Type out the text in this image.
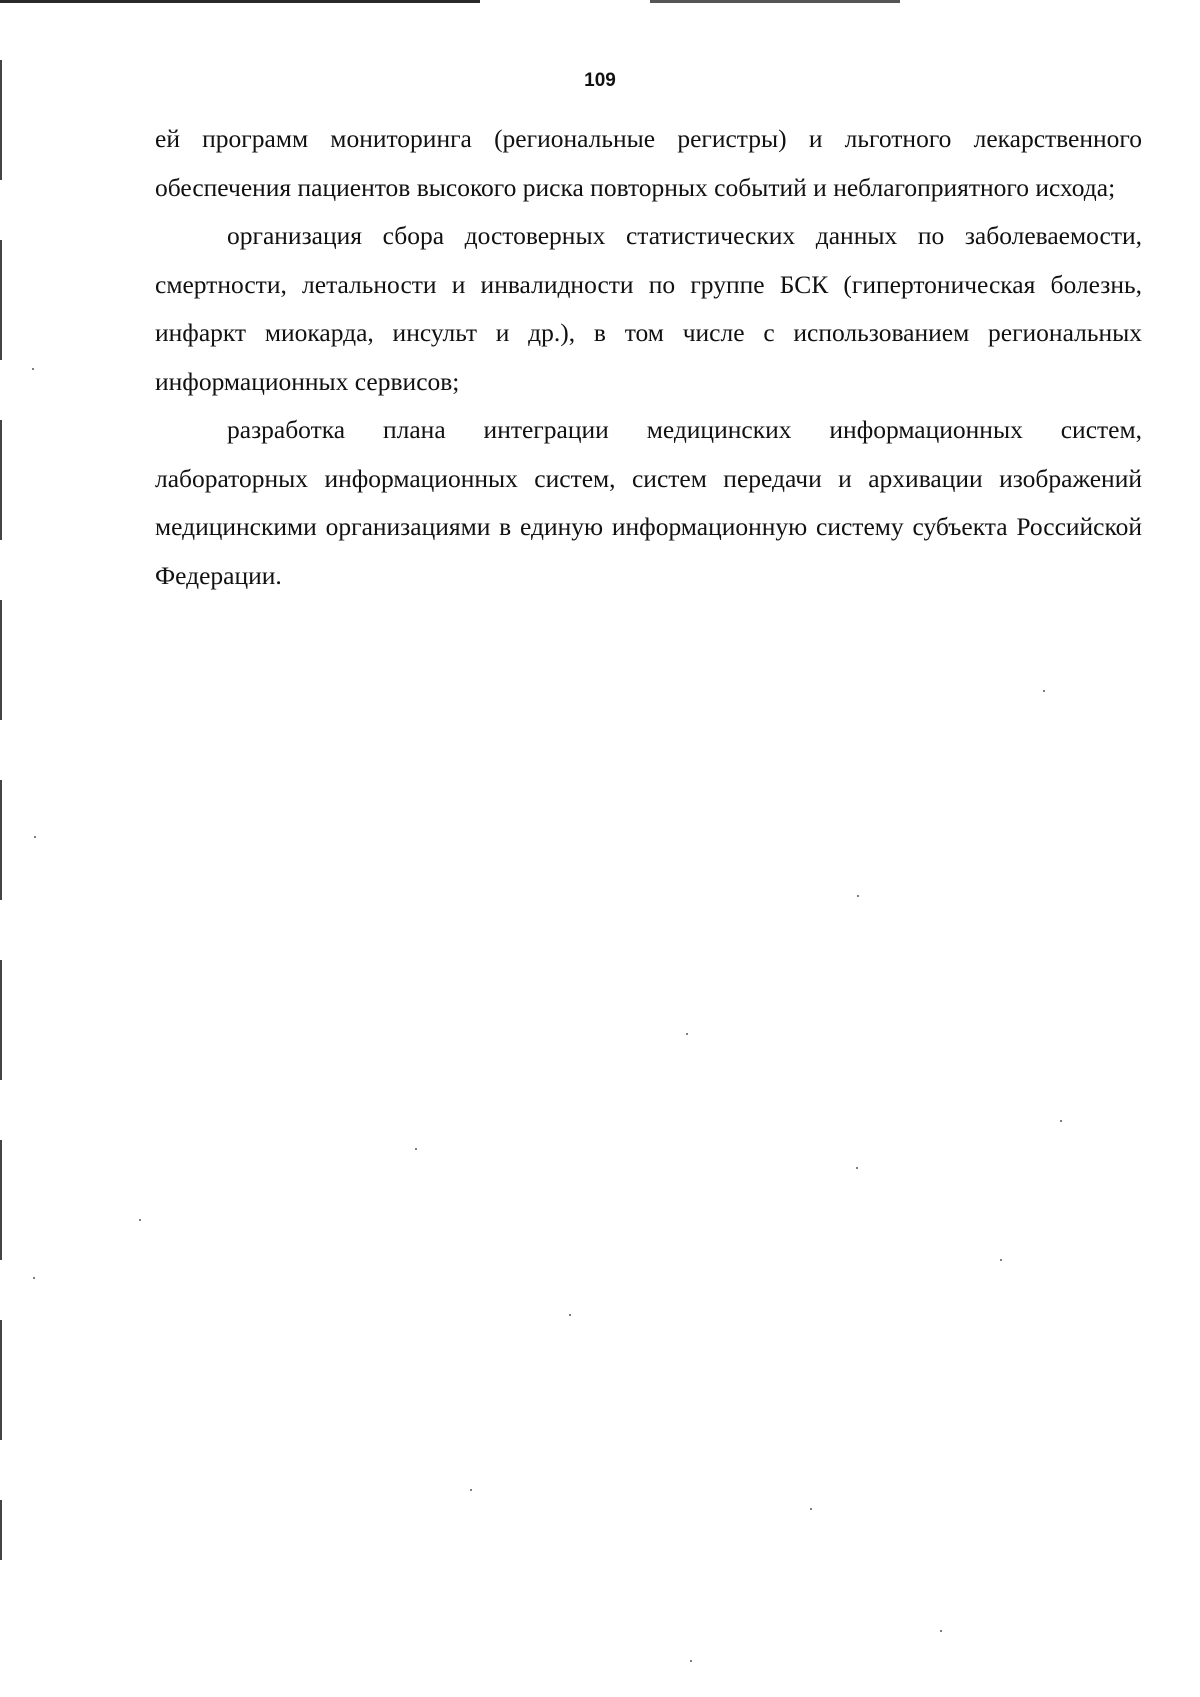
109

ей программ мониторинга (региональные регистры) и льготного лекарственного обеспечения пациентов высокого риска повторных событий и неблагоприятного исхода;

организация сбора достоверных статистических данных по заболеваемости, смертности, летальности и инвалидности по группе БСК (гипертоническая болезнь, инфаркт миокарда, инсульт и др.), в том числе с использованием региональных информационных сервисов;

разработка плана интеграции медицинских информационных систем, лабораторных информационных систем, систем передачи и архивации изображений медицинскими организациями в единую информационную систему субъекта Российской Федерации.
